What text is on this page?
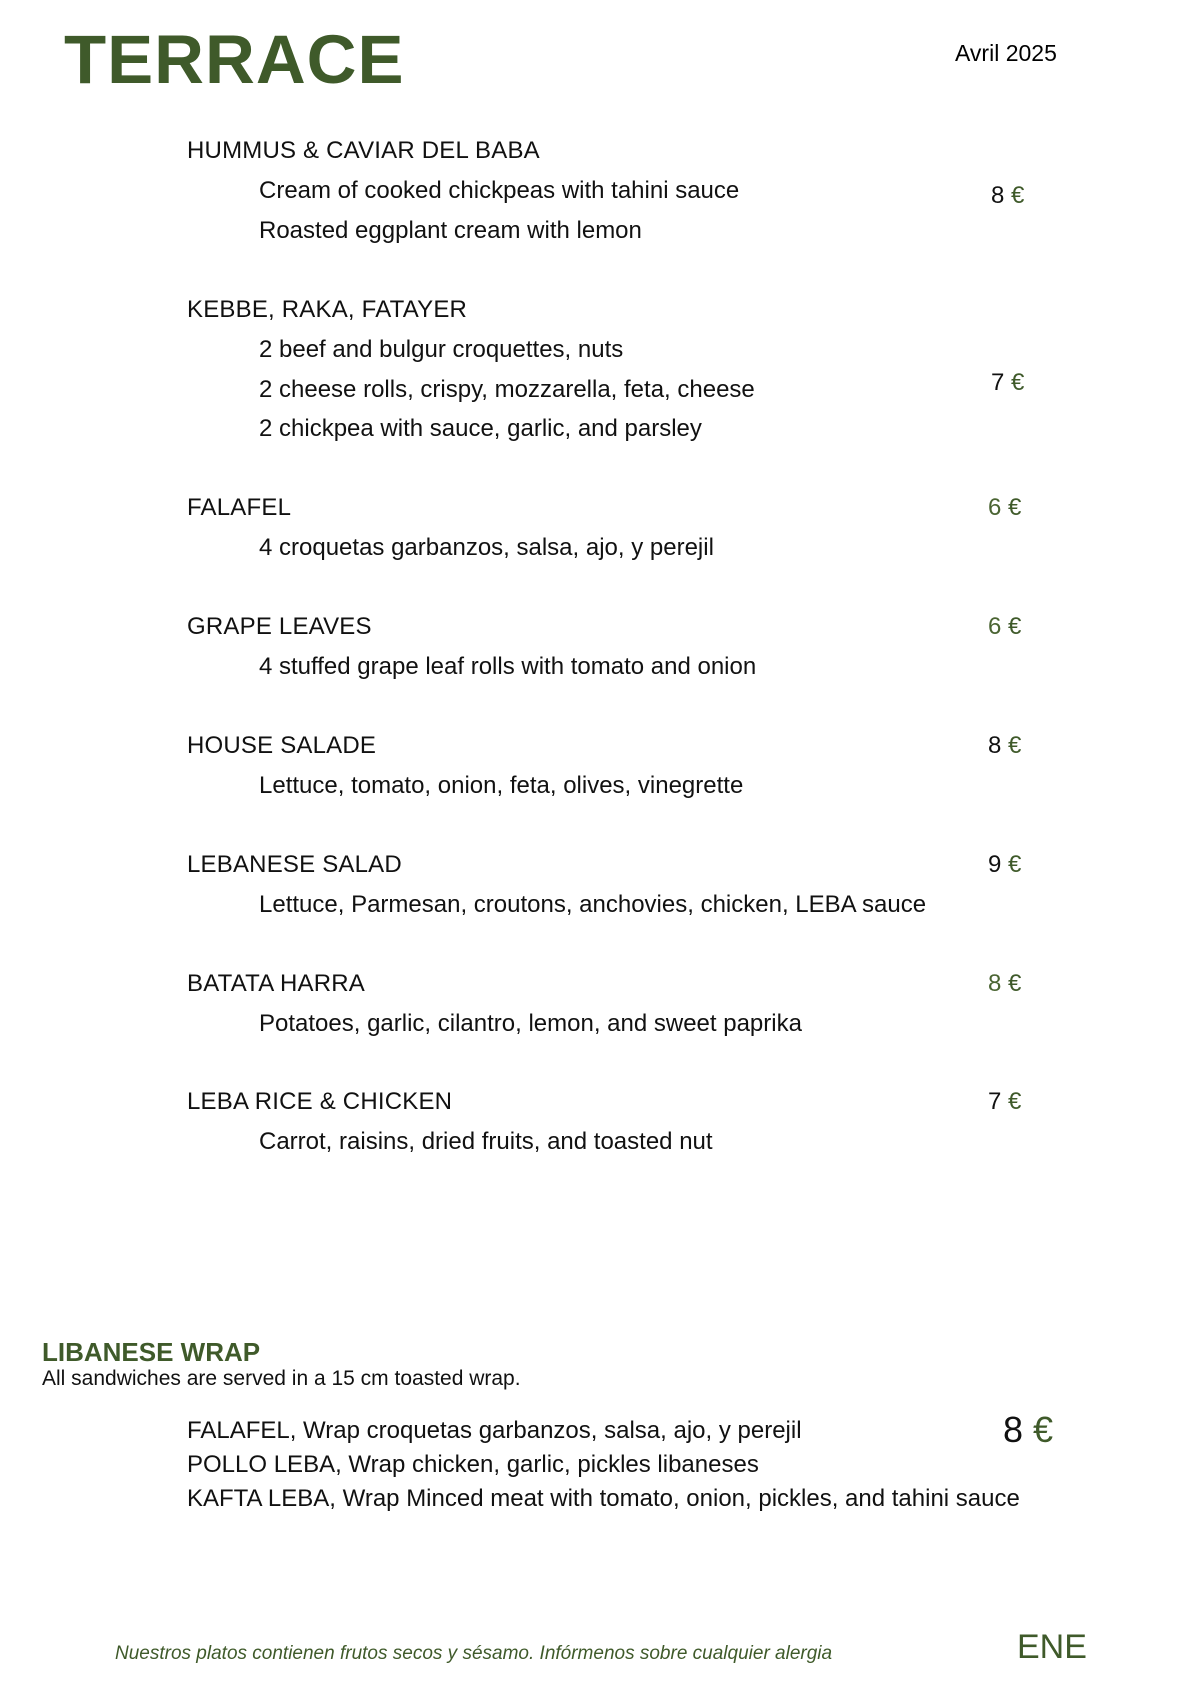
TERRACE	Avril 2025
HUMMUS & CAVIAR DEL BABA
Cream of cooked chickpeas with tahini sauce
Roasted eggplant cream with lemon
8 €
KEBBE, RAKA, FATAYER
2 beef and bulgur croquettes, nuts
2 cheese rolls, crispy, mozzarella, feta, cheese
2 chickpea with sauce, garlic, and parsley
7 €
FALAFEL
4 croquetas garbanzos, salsa, ajo, y perejil
6 €
GRAPE LEAVES
4 stuffed grape leaf rolls with tomato and onion
6 €
HOUSE SALADE
Lettuce, tomato, onion, feta, olives, vinegrette
8 €
LEBANESE SALAD
Lettuce, Parmesan, croutons, anchovies, chicken, LEBA sauce
9 €
BATATA HARRA
Potatoes, garlic, cilantro, lemon, and sweet paprika
8 €
LEBA RICE & CHICKEN
Carrot, raisins, dried fruits, and toasted nut
7 €
LIBANESE WRAP
All sandwiches are served in a 15 cm toasted wrap.
FALAFEL, Wrap croquetas garbanzos, salsa, ajo, y perejil
POLLO LEBA, Wrap chicken, garlic, pickles libaneses
KAFTA LEBA, Wrap Minced meat with tomato, onion, pickles, and tahini sauce
8 €
Nuestros platos contienen frutos secos y sésamo. Infórmenos sobre cualquier alergia	ENE
